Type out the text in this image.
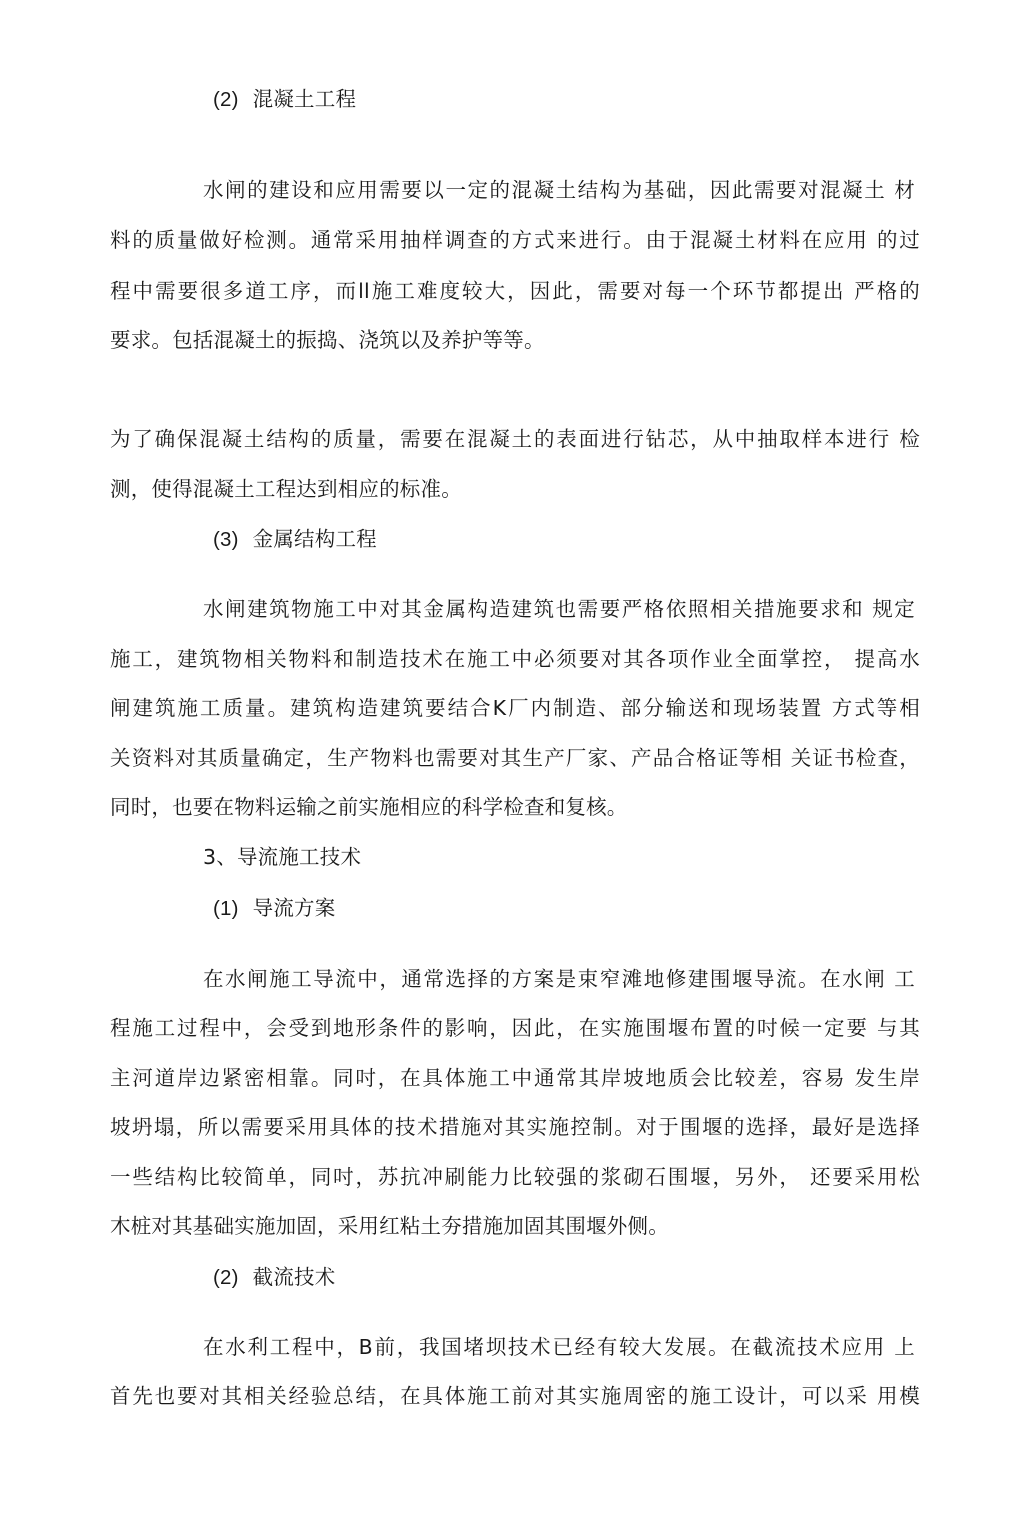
(2) 混凝土工程
水闸的建设和应用需要以一定的混凝土结构为基础，因此需要对混凝土 材
料的质量做好检测。通常采用抽样调查的方式来进行。由于混凝土材料在应用 的过
程中需要很多道工序，而ll施工难度较大，因此，需要对每一个环节都提出 严格的
要求。包括混凝土的振捣、浇筑以及养护等等。
为了确保混凝土结构的质量，需要在混凝土的表面进行钻芯，从中抽取样本进行 检
测，使得混凝土工程达到相应的标准。
(3) 金属结构工程
水闸建筑物施工中对其金属构造建筑也需要严格依照相关措施要求和 规定
施工，建筑物相关物料和制造技术在施工中必须要对其各项作业全面掌控， 提高水
闸建筑施工质量。建筑构造建筑要结合K厂内制造、部分输送和现场装置 方式等相
关资料对其质量确定，生产物料也需要对其生产厂家、产品合格证等相 关证书检查，
同时，也要在物料运输之前实施相应的科学检查和复核。
3、导流施工技术
(1) 导流方案
在水闸施工导流中，通常选择的方案是束窄滩地修建围堰导流。在水闸 工
程施工过程中，会受到地形条件的影响，因此，在实施围堰布置的吋候一定要 与其
主河道岸边紧密相靠。同吋，在具体施工中通常其岸坡地质会比较差，容易 发生岸
坡坍塌，所以需要采用具体的技术措施对其实施控制。对于围堰的选择，最好是选择
一些结构比较简单，同吋，苏抗冲刷能力比较强的浆砌石围堰，另外， 还要采用松
木桩对其基础实施加固，采用红粘土夯措施加固其围堰外侧。
(2) 截流技术
在水利工程中，B前，我国堵坝技术已经有较大发展。在截流技术应用 上
首先也要对其相关经验总结，在具体施工前对其实施周密的施工设计，可以采 用模
